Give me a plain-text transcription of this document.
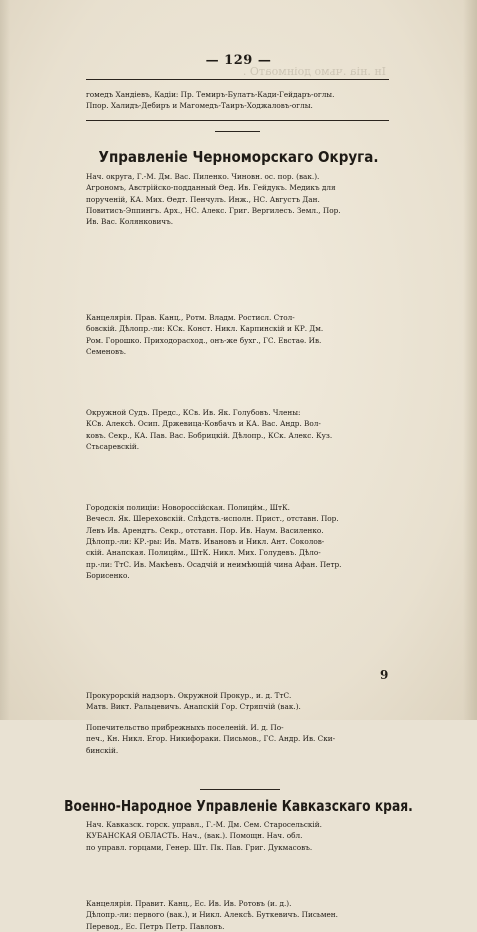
Ін .ніа .чьмо доінмоатО .
— 129 —

гомедъ Хандіевъ, Кадіи: Пр. Темиръ-Булатъ-Кади-Гейдаръ-оглы.
Ппор. Халидъ-Дебиръ и Магомедъ-Таиръ-Ходжаловъ-оглы.

Управленіе Черноморскаго Округа.

Нач. округа, Г.-М. Дм. Вас. Пиленко. Чиновн. ос. пор. (вак.).
Агрономъ, Австрійско-подданный Ѳед. Ив. Гейдукъ. Медикъ для
порученій, КА. Мих. Ѳедт. Пенчулъ. Инж., НС. Августъ Дан.
Повитисъ-Эппингъ. Арх., НС. Алекс. Григ. Вергилесъ. Земл., Пор.
Ив. Вас. Колянковичъ.

Канцелярія. Прав. Канц., Ротм. Владм. Ростисл. Стол-
бовскій. Дѣлопр.-ли: КСк. Конст. Никл. Карпинскій и КР. Дм.
Ром. Горошко. Приходорасход., онъ-же бухг., ГС. Евстаѳ. Ив.
Семеновъ.

Окружной Судъ. Предс., КСв. Ив. Як. Голубовъ. Члены:
КСв. Алексѣ. Осип. Држевица-Ковбачъ и КА. Вас. Андр. Вол-
ковъ. Секр., КА. Пав. Вас. Бобрицкій. Дѣлопр., КСк. Алекс. Куз.
Стьсаревскій.

Городскія полиціи: Новороссійская. Полицйм., ШтК.
Вечесл. Як. Шереховскій. Слѣдств.-исполн. Прист., отставн. Пор.
Левъ Ив. Арендтъ. Секр., отставн. Пор. Ив. Наум. Василенко.
Дѣлопр.-ли: КР.-ры: Ив. Матв. Ивановъ и Никл. Ант. Соколов-
скій. Анапская. Полицйм., ШтК. Никл. Мих. Голудевъ. Дѣло-
пр.-ли: ТтС. Ив. Макѣевъ. Осадчій и неимѣющій чина Афан. Петр.
Борисенко.

Военно-Народное Управленіе Кавказскаго края.

Нач. Кавказск. горск. управл., Г.-М. Дм. Сем. Старосельскій.
КУБАНСКАЯ ОБЛАСТЬ. Нач., (вак.). Помощн. Нач. обл.
по управл. горцами, Генер. Шт. Пк. Пав. Григ. Дукмасовъ.

Канцелярія. Правит. Канц., Ес. Ив. Ив. Ротовъ (и. д.).
Дѣлопр.-ли: первого (вак.), и Никл. Алексѣ. Буткевичъ. Письмен.
Перевод., Ес. Петръ Петр. Павловъ.

9

Прокурорскій надзоръ. Окружной Прокур., и. д. ТтС.
Матв. Викт. Ральцевичъ. Анапскій Гор. Стряпчій (вак.).

Попечительство прибрежныхъ поселеній. И. д. По-
печ., Кн. Никл. Егор. Никифораки. Письмов., ГС. Андр. Ив. Ски-
бинскій.
